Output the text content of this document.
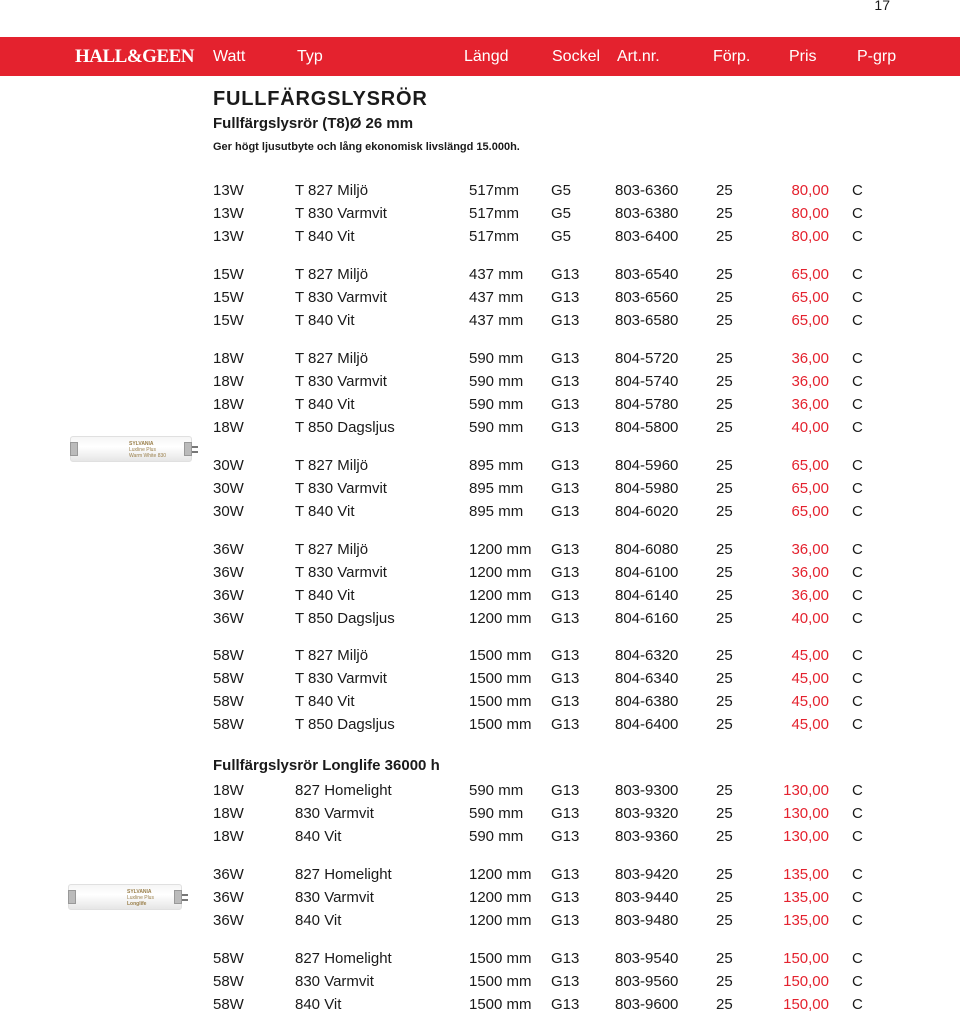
17
HALL&GEEN Watt	Typ	Längd	Sockel Art.nr.	Förp. Pris	P-grp
FULLFÄRGSLYSRÖR
Fullfärgslysrör (T8)Ø 26 mm
Ger högt ljusutbyte och lång ekonomisk livslängd 15.000h.
13W	T 827 Miljö	517mm G5	803-6360	25	80,00 C
13W	T 830 Varmvit	517mm G5	803-6380	25	80,00 C
13W	T 840 Vit	517mm G5	803-6400	25	80,00 C
15W	T 827 Miljö	437 mm G13 803-6540	25	65,00 C
15W	T 830 Varmvit	437 mm G13 803-6560	25	65,00 C
15W	T 840 Vit	437 mm G13 803-6580	25	65,00 C
18W	T 827 Miljö	590 mm G13 804-5720	25	36,00 C
18W	T 830 Varmvit	590 mm G13 804-5740	25	36,00 C
18W	T 840 Vit	590 mm G13 804-5780	25	36,00 C
18W	T 850 Dagsljus	590 mm G13 804-5800	25	40,00 C
30W	T 827 Miljö	895 mm G13 804-5960	25	65,00 C
30W	T 830 Varmvit	895 mm G13 804-5980	25	65,00 C
30W	T 840 Vit	895 mm G13 804-6020	25	65,00 C
36W	T 827 Miljö	1200 mm G13 804-6080	25	36,00 C
36W	T 830 Varmvit	1200 mm G13 804-6100	25	36,00 C
36W	T 840 Vit	1200 mm G13 804-6140	25	36,00 C
36W	T 850 Dagsljus	1200 mm G13 804-6160	25	40,00 C
58W	T 827 Miljö	1500 mm G13 804-6320	25	45,00 C
58W	T 830 Varmvit	1500 mm G13 804-6340	25	45,00 C
58W	T 840 Vit	1500 mm G13 804-6380	25	45,00 C
58W	T 850 Dagsljus	1500 mm G13 804-6400	25	45,00 C
Fullfärgslysrör Longlife 36000 h
18W	827 Homelight	590 mm G13 803-9300	25	130,00 C
18W	830 Varmvit	590 mm G13 803-9320	25	130,00 C
18W	840 Vit	590 mm G13 803-9360	25	130,00 C
36W	827 Homelight	1200 mm G13 803-9420	25	135,00 C
36W	830 Varmvit	1200 mm G13 803-9440	25	135,00 C
36W	840 Vit	1200 mm G13 803-9480	25	135,00 C
58W	827 Homelight	1500 mm G13 803-9540	25	150,00 C
58W	830 Varmvit	1500 mm G13 803-9560	25	150,00 C
58W	840 Vit	1500 mm G13 803-9600	25	150,00 C
SYLVANIA
Luxline Plus
Warm White 830
SYLVANIA
Luxline Plus
Longlife
